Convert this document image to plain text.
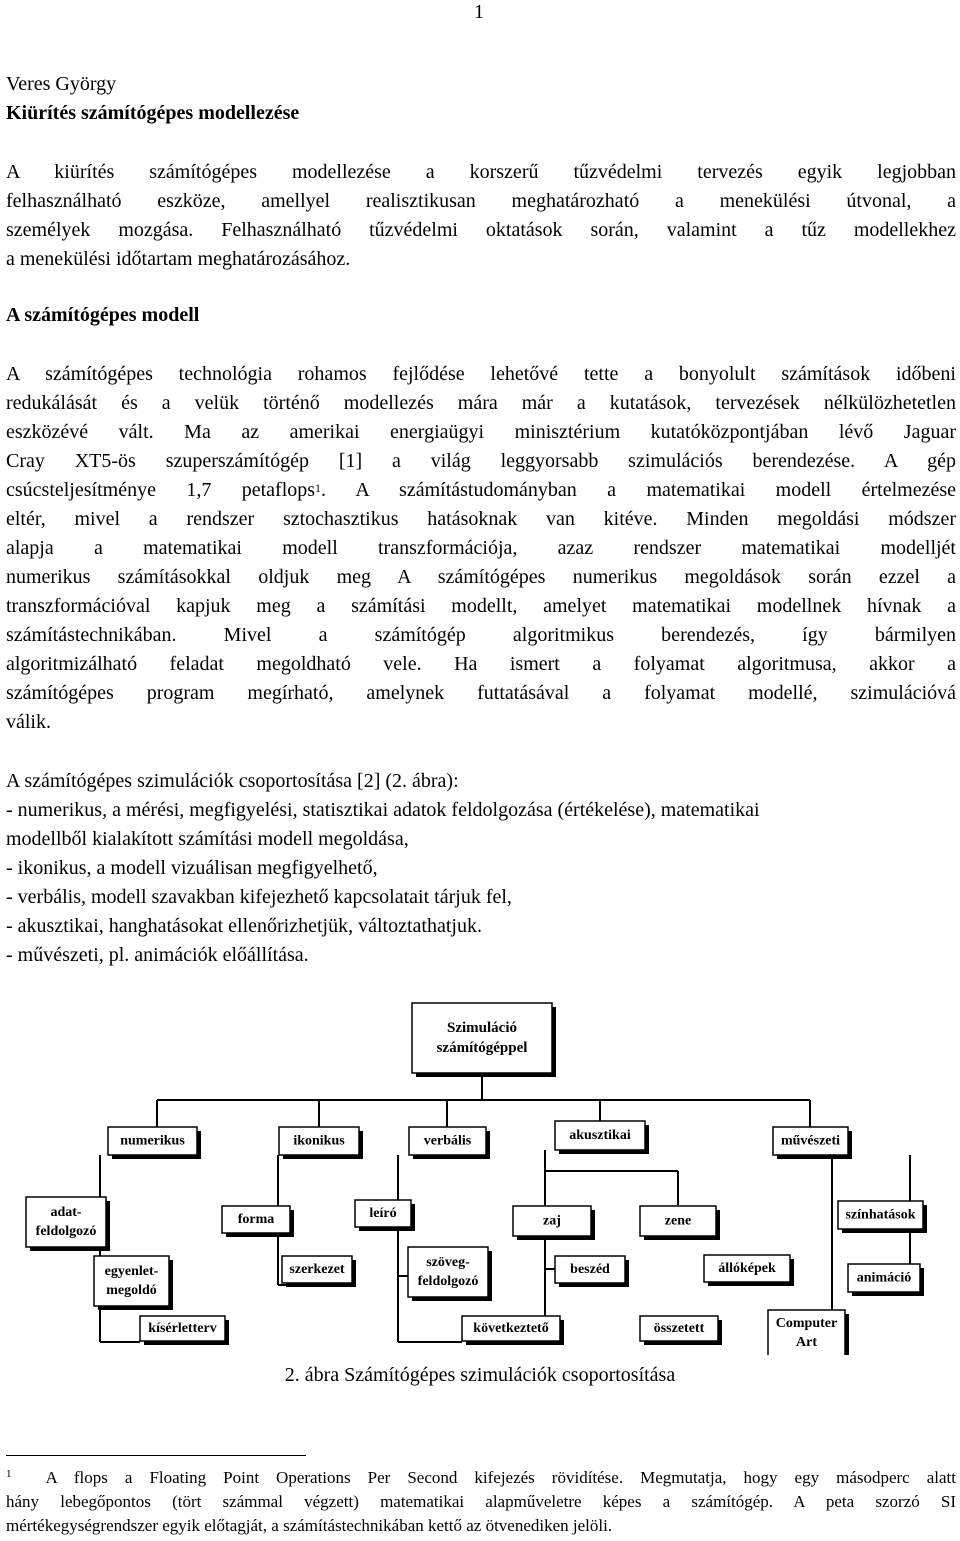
1
Veres György
Kiürítés számítógépes modellezése
A kiürítés számítógépes modellezése a korszerű tűzvédelmi tervezés egyik legjobban
felhasználható eszköze, amellyel realisztikusan meghatározható a menekülési útvonal, a
személyek mozgása. Felhasználható tűzvédelmi oktatások során, valamint a tűz modellekhez
a menekülési időtartam meghatározásához.
A számítógépes modell
A számítógépes technológia rohamos fejlődése lehetővé tette a bonyolult számítások időbeni
redukálását és a velük történő modellezés mára már a kutatások, tervezések nélkülözhetetlen
eszközévé vált. Ma az amerikai energiaügyi minisztérium kutatóközpontjában lévő Jaguar
Cray XT5-ös szuperszámítógép [1] a világ leggyorsabb szimulációs berendezése. A gép
csúcsteljesítménye 1,7 petaflops$^1$. A számítástudományban a matematikai modell értelmezése
eltér, mivel a rendszer sztochasztikus hatásoknak van kitéve. Minden megoldási módszer
alapja a matematikai modell transzformációja, azaz rendszer matematikai modelljét
numerikus számításokkal oldjuk meg A számítógépes numerikus megoldások során ezzel a
transzformációval kapjuk meg a számítási modellt, amelyet matematikai modellnek hívnak a
számítástechnikában. Mivel a számítógép algoritmikus berendezés, így bármilyen
algoritmizálható feladat megoldható vele. Ha ismert a folyamat algoritmusa, akkor a
számítógépes program megírható, amelynek futtatásával a folyamat modellé, szimulációvá
válik.
A számítógépes szimulációk csoportosítása [2] (2. ábra):
- numerikus, a mérési, megfigyelési, statisztikai adatok feldolgozása (értékelése), matematikai
modellből kialakított számítási modell megoldása,
- ikonikus, a modell vizuálisan megfigyelhető,
- verbális, modell szavakban kifejezhető kapcsolatait tárjuk fel,
- akusztikai, hanghatásokat ellenőrizhetjük, változtathatjuk.
- művészeti, pl. animációk előállítása.
Szimuláció
számítógéppel
numerikus	ikonikus	verbális	akusztikai	művészeti
adat-
feldolgozó
egyenlet-
megoldó
kísérletterv
forma
szerkezet
leíró
szöveg-
feldolgozó
következtető
zaj
beszéd
összetett
zene	színhatások
állóképek
animáció
Computer
Art
2. ábra Számítógépes szimulációk csoportosítása
$^1$ A flops a Floating Point Operations Per Second kifejezés rövidítése. Megmutatja, hogy egy másodperc alatt
hány lebegőpontos (tört számmal végzett) matematikai alapműveletre képes a számítógép. A peta szorzó SI
mértékegységrendszer egyik előtagját, a számítástechnikában kettő az ötvenediken jelöli.
